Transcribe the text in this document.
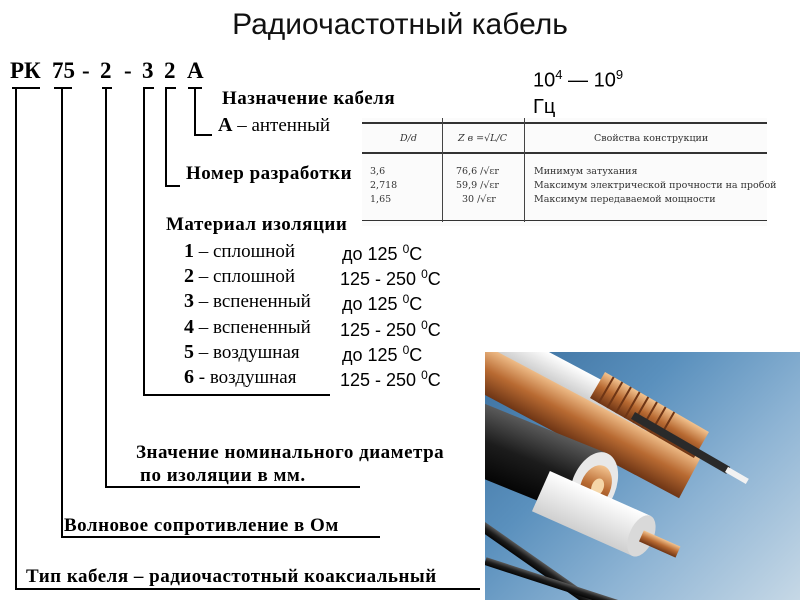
Радиочастотный кабель
РК 75 - 2 - 3 2 А	$10^4$ — $10^9$
Гц
Назначение кабеля
А – антенный
Номер разработки
Материал изоляции
1 – сплошной	до 125 $^0$С
2 – сплошной 125 - 250 $^0$С
3 – вспененный до 125 $^0$С
4 – вспененный 125 - 250 $^0$С
5 – воздушная до 125 $^0$С
6 - воздушная 125 - 250 $^0$С
Значение номинального диаметра
по изоляции в мм.
Волновое сопротивление в Ом
Тип кабеля – радиочастотный коаксиальный
D/d	Z в =√L/C	Свойства конструкции
3,6	76,6 /√εr	Минимум затухания
2,718	59,9 /√εr	Максимум электрической прочности на пробой
1,65	30 /√εr	Максимум передаваемой мощности
